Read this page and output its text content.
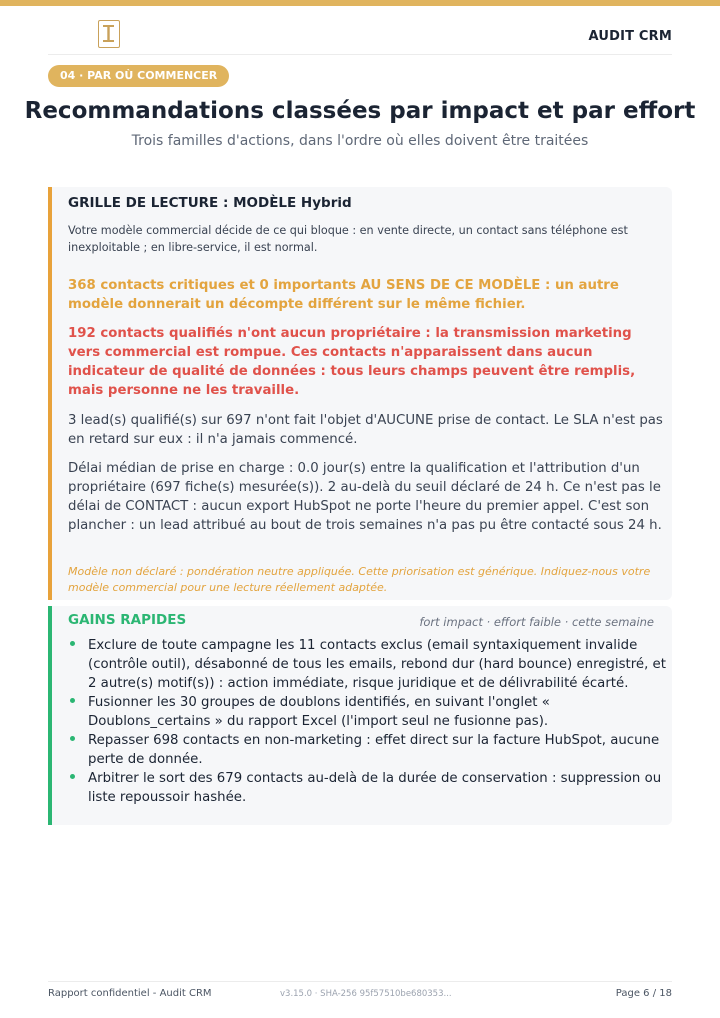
AUDIT CRM
04 · PAR OÙ COMMENCER
Recommandations classées par impact et par effort
Trois familles d'actions, dans l'ordre où elles doivent être traitées
GRILLE DE LECTURE : MODÈLE Hybrid
Votre modèle commercial décide de ce qui bloque : en vente directe, un contact sans téléphone est inexploitable ; en libre-service, il est normal.
368 contacts critiques et 0 importants AU SENS DE CE MODÈLE : un autre modèle donnerait un décompte différent sur le même fichier.
192 contacts qualifiés n'ont aucun propriétaire : la transmission marketing vers commercial est rompue. Ces contacts n'apparaissent dans aucun indicateur de qualité de données : tous leurs champs peuvent être remplis, mais personne ne les travaille.
3 lead(s) qualifié(s) sur 697 n'ont fait l'objet d'AUCUNE prise de contact. Le SLA n'est pas en retard sur eux : il n'a jamais commencé.
Délai médian de prise en charge : 0.0 jour(s) entre la qualification et l'attribution d'un propriétaire (697 fiche(s) mesurée(s)). 2 au-delà du seuil déclaré de 24 h. Ce n'est pas le délai de CONTACT : aucun export HubSpot ne porte l'heure du premier appel. C'est son plancher : un lead attribué au bout de trois semaines n'a pas pu être contacté sous 24 h.
Modèle non déclaré : pondération neutre appliquée. Cette priorisation est générique. Indiquez-nous votre modèle commercial pour une lecture réellement adaptée.
GAINS RAPIDES	fort impact · effort faible · cette semaine
Exclure de toute campagne les 11 contacts exclus (email syntaxiquement invalide (contrôle outil), désabonné de tous les emails, rebond dur (hard bounce) enregistré, et 2 autre(s) motif(s)) : action immédiate, risque juridique et de délivrabilité écarté.
Fusionner les 30 groupes de doublons identifiés, en suivant l'onglet « Doublons_certains » du rapport Excel (l'import seul ne fusionne pas).
Repasser 698 contacts en non-marketing : effet direct sur la facture HubSpot, aucune perte de donnée.
Arbitrer le sort des 679 contacts au-delà de la durée de conservation : suppression ou liste repoussoir hashée.
Rapport confidentiel - Audit CRM	v3.15.0 · SHA-256 95f57510be680353...	Page 6 / 18
